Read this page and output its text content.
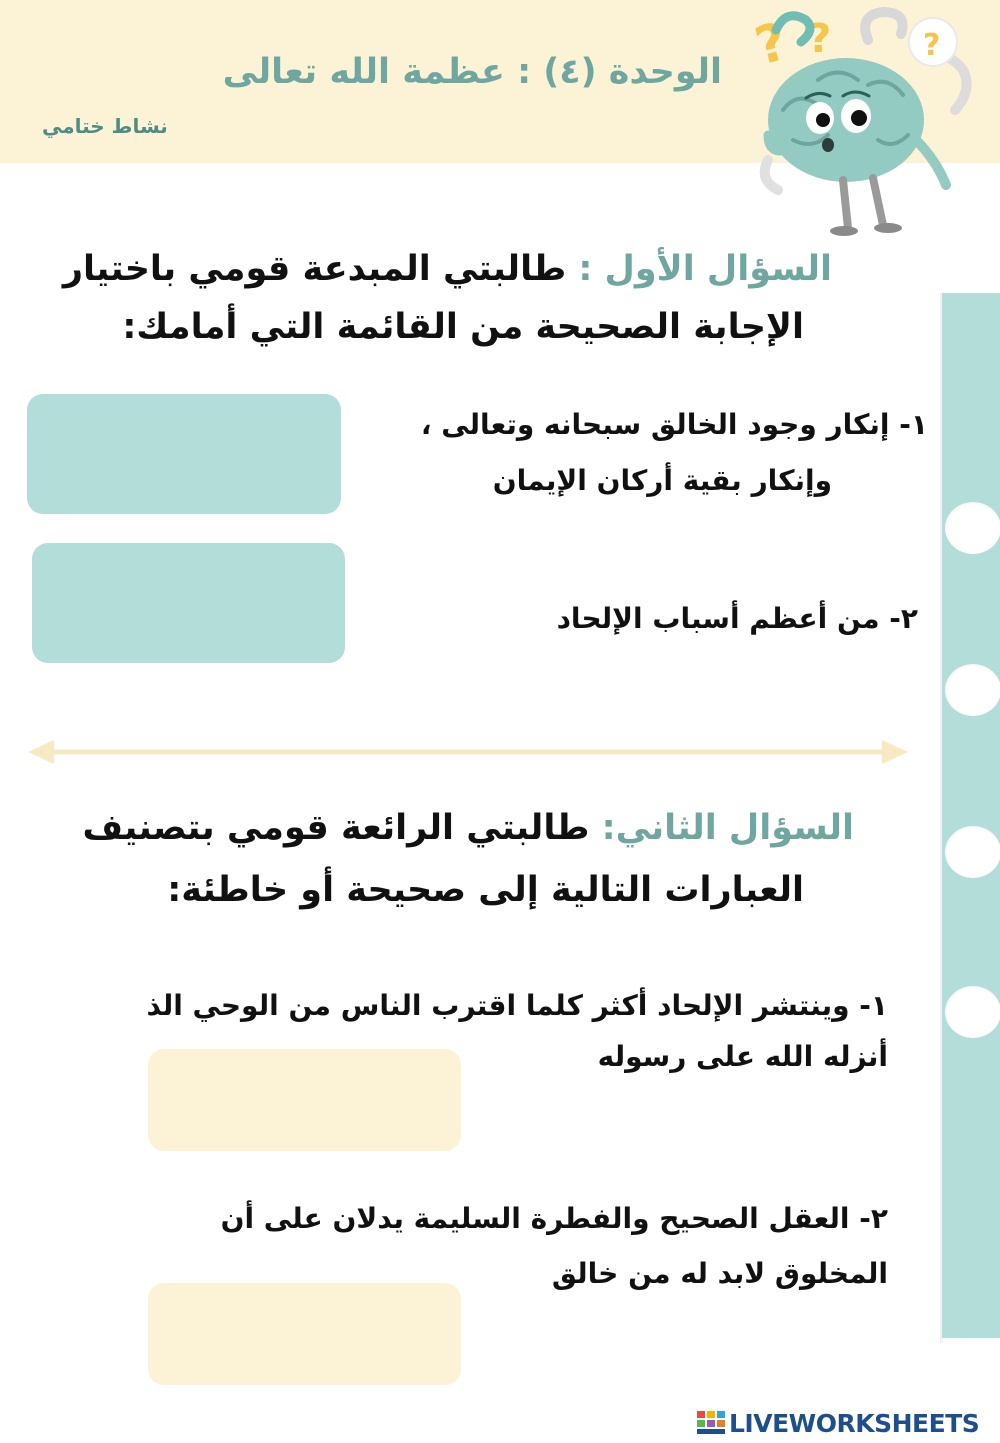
الوحدة (٤) : عظمة الله تعالى
نشاط ختامي
? ?	?
السؤال الأول : طالبتي المبدعة قومي باختيار
الإجابة الصحيحة من القائمة التي أمامك:
١- إنكار وجود الخالق سبحانه وتعالى ،
وإنكار بقية أركان الإيمان
٢- من أعظم أسباب الإلحاد
السؤال الثاني: طالبتي الرائعة قومي بتصنيف
العبارات التالية إلى صحيحة أو خاطئة:
١- وينتشر الإلحاد أكثر كلما اقترب الناس من الوحي الذ
أنزله الله على رسوله
٢- العقل الصحيح والفطرة السليمة يدلان على أن
المخلوق لابد له من خالق
LIVEWORKSHEETS
